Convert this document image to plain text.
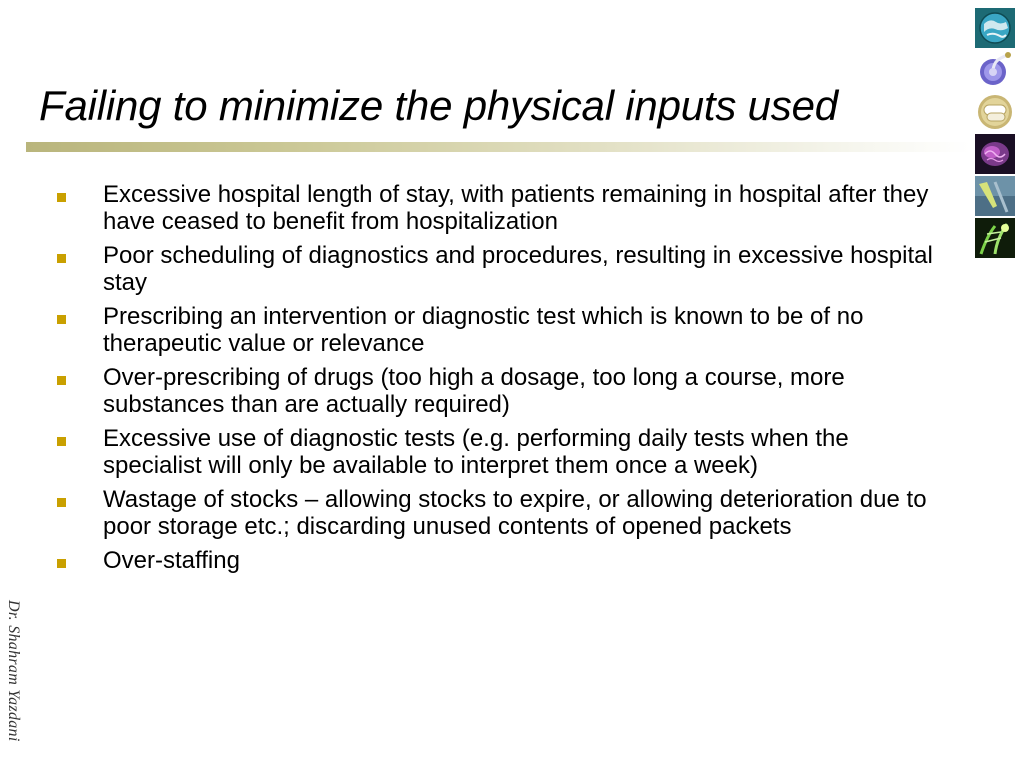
Failing to minimize the physical inputs used
Excessive hospital length of stay, with patients remaining in hospital after they have ceased to benefit from hospitalization
Poor scheduling of diagnostics and procedures, resulting in excessive hospital stay
Prescribing an intervention or diagnostic test which is known to be of no therapeutic value or relevance
Over-prescribing of drugs (too high a dosage, too long a course, more substances than are actually required)
Excessive use of diagnostic tests (e.g. performing daily tests when the specialist will only be available to interpret them once a week)
Wastage of stocks – allowing stocks to expire, or allowing deterioration due to poor storage etc.; discarding unused contents of opened packets
Over-staffing
Dr. Shahram Yazdani
